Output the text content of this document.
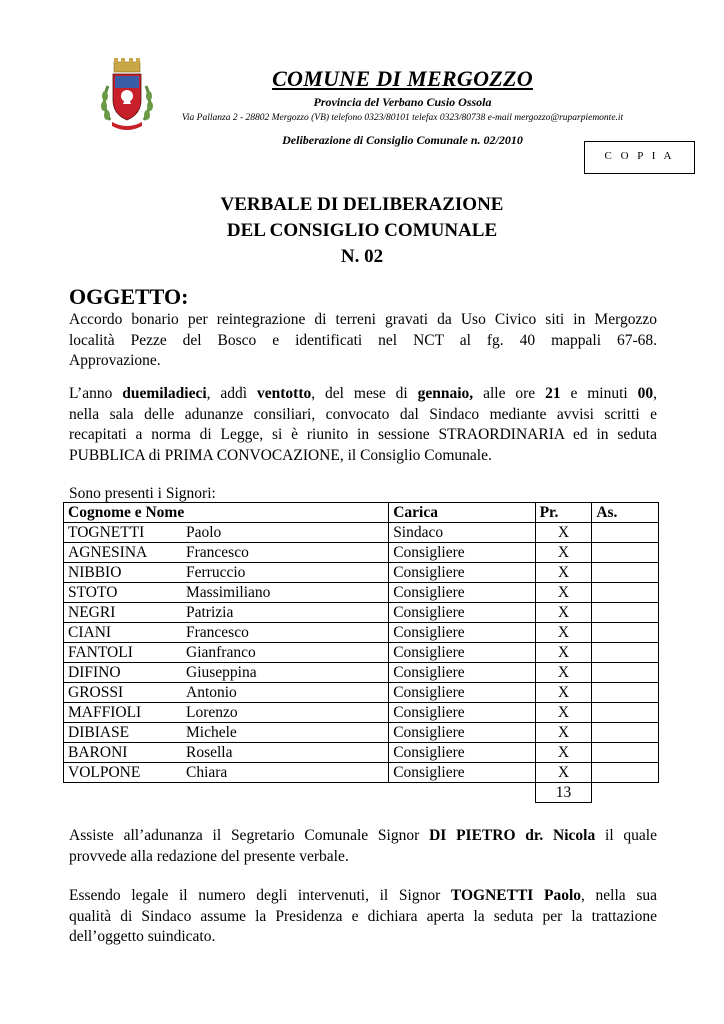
COMUNE DI MERGOZZO
Provincia del Verbano Cusio Ossola
Via Pallanza 2 - 28802 Mergozzo (VB) telefono 0323/80101 telefax 0323/80738 e-mail mergozzo@ruparpiemonte.it
Deliberazione di Consiglio Comunale n. 02/2010
C O P I A
VERBALE DI DELIBERAZIONE
DEL CONSIGLIO COMUNALE
N. 02
OGGETTO:
Accordo bonario per reintegrazione di terreni gravati da Uso Civico siti in Mergozzo
località Pezze del Bosco e identificati nel NCT al fg. 40 mappali 67-68.
Approvazione.
L’anno duemiladieci, addì ventotto, del mese di gennaio, alle ore 21 e minuti 00,
nella sala delle adunanze consiliari, convocato dal Sindaco mediante avvisi scritti e
recapitati a norma di Legge, si è riunito in sessione STRAORDINARIA ed in seduta
PUBBLICA di PRIMA CONVOCAZIONE, il Consiglio Comunale.
Sono presenti i Signori:
Cognome e Nome	Carica	Pr.	As.
TOGNETTI Paolo	Sindaco	X	
AGNESINA Francesco	Consigliere	X	
NIBBIO Ferruccio	Consigliere	X	
STOTO Massimiliano	Consigliere	X	
NEGRI Patrizia	Consigliere	X	
CIANI Francesco	Consigliere	X	
FANTOLI Gianfranco	Consigliere	X	
DIFINO Giuseppina	Consigliere	X	
GROSSI Antonio	Consigliere	X	
MAFFIOLI Lorenzo	Consigliere	X	
DIBIASE Michele	Consigliere	X	
BARONI Rosella	Consigliere	X	
VOLPONE Chiara	Consigliere	X	
		13	
Assiste all’adunanza il Segretario Comunale Signor DI PIETRO dr. Nicola il quale
provvede alla redazione del presente verbale.
Essendo legale il numero degli intervenuti, il Signor TOGNETTI Paolo, nella sua
qualità di Sindaco assume la Presidenza e dichiara aperta la seduta per la trattazione
dell’oggetto suindicato.
